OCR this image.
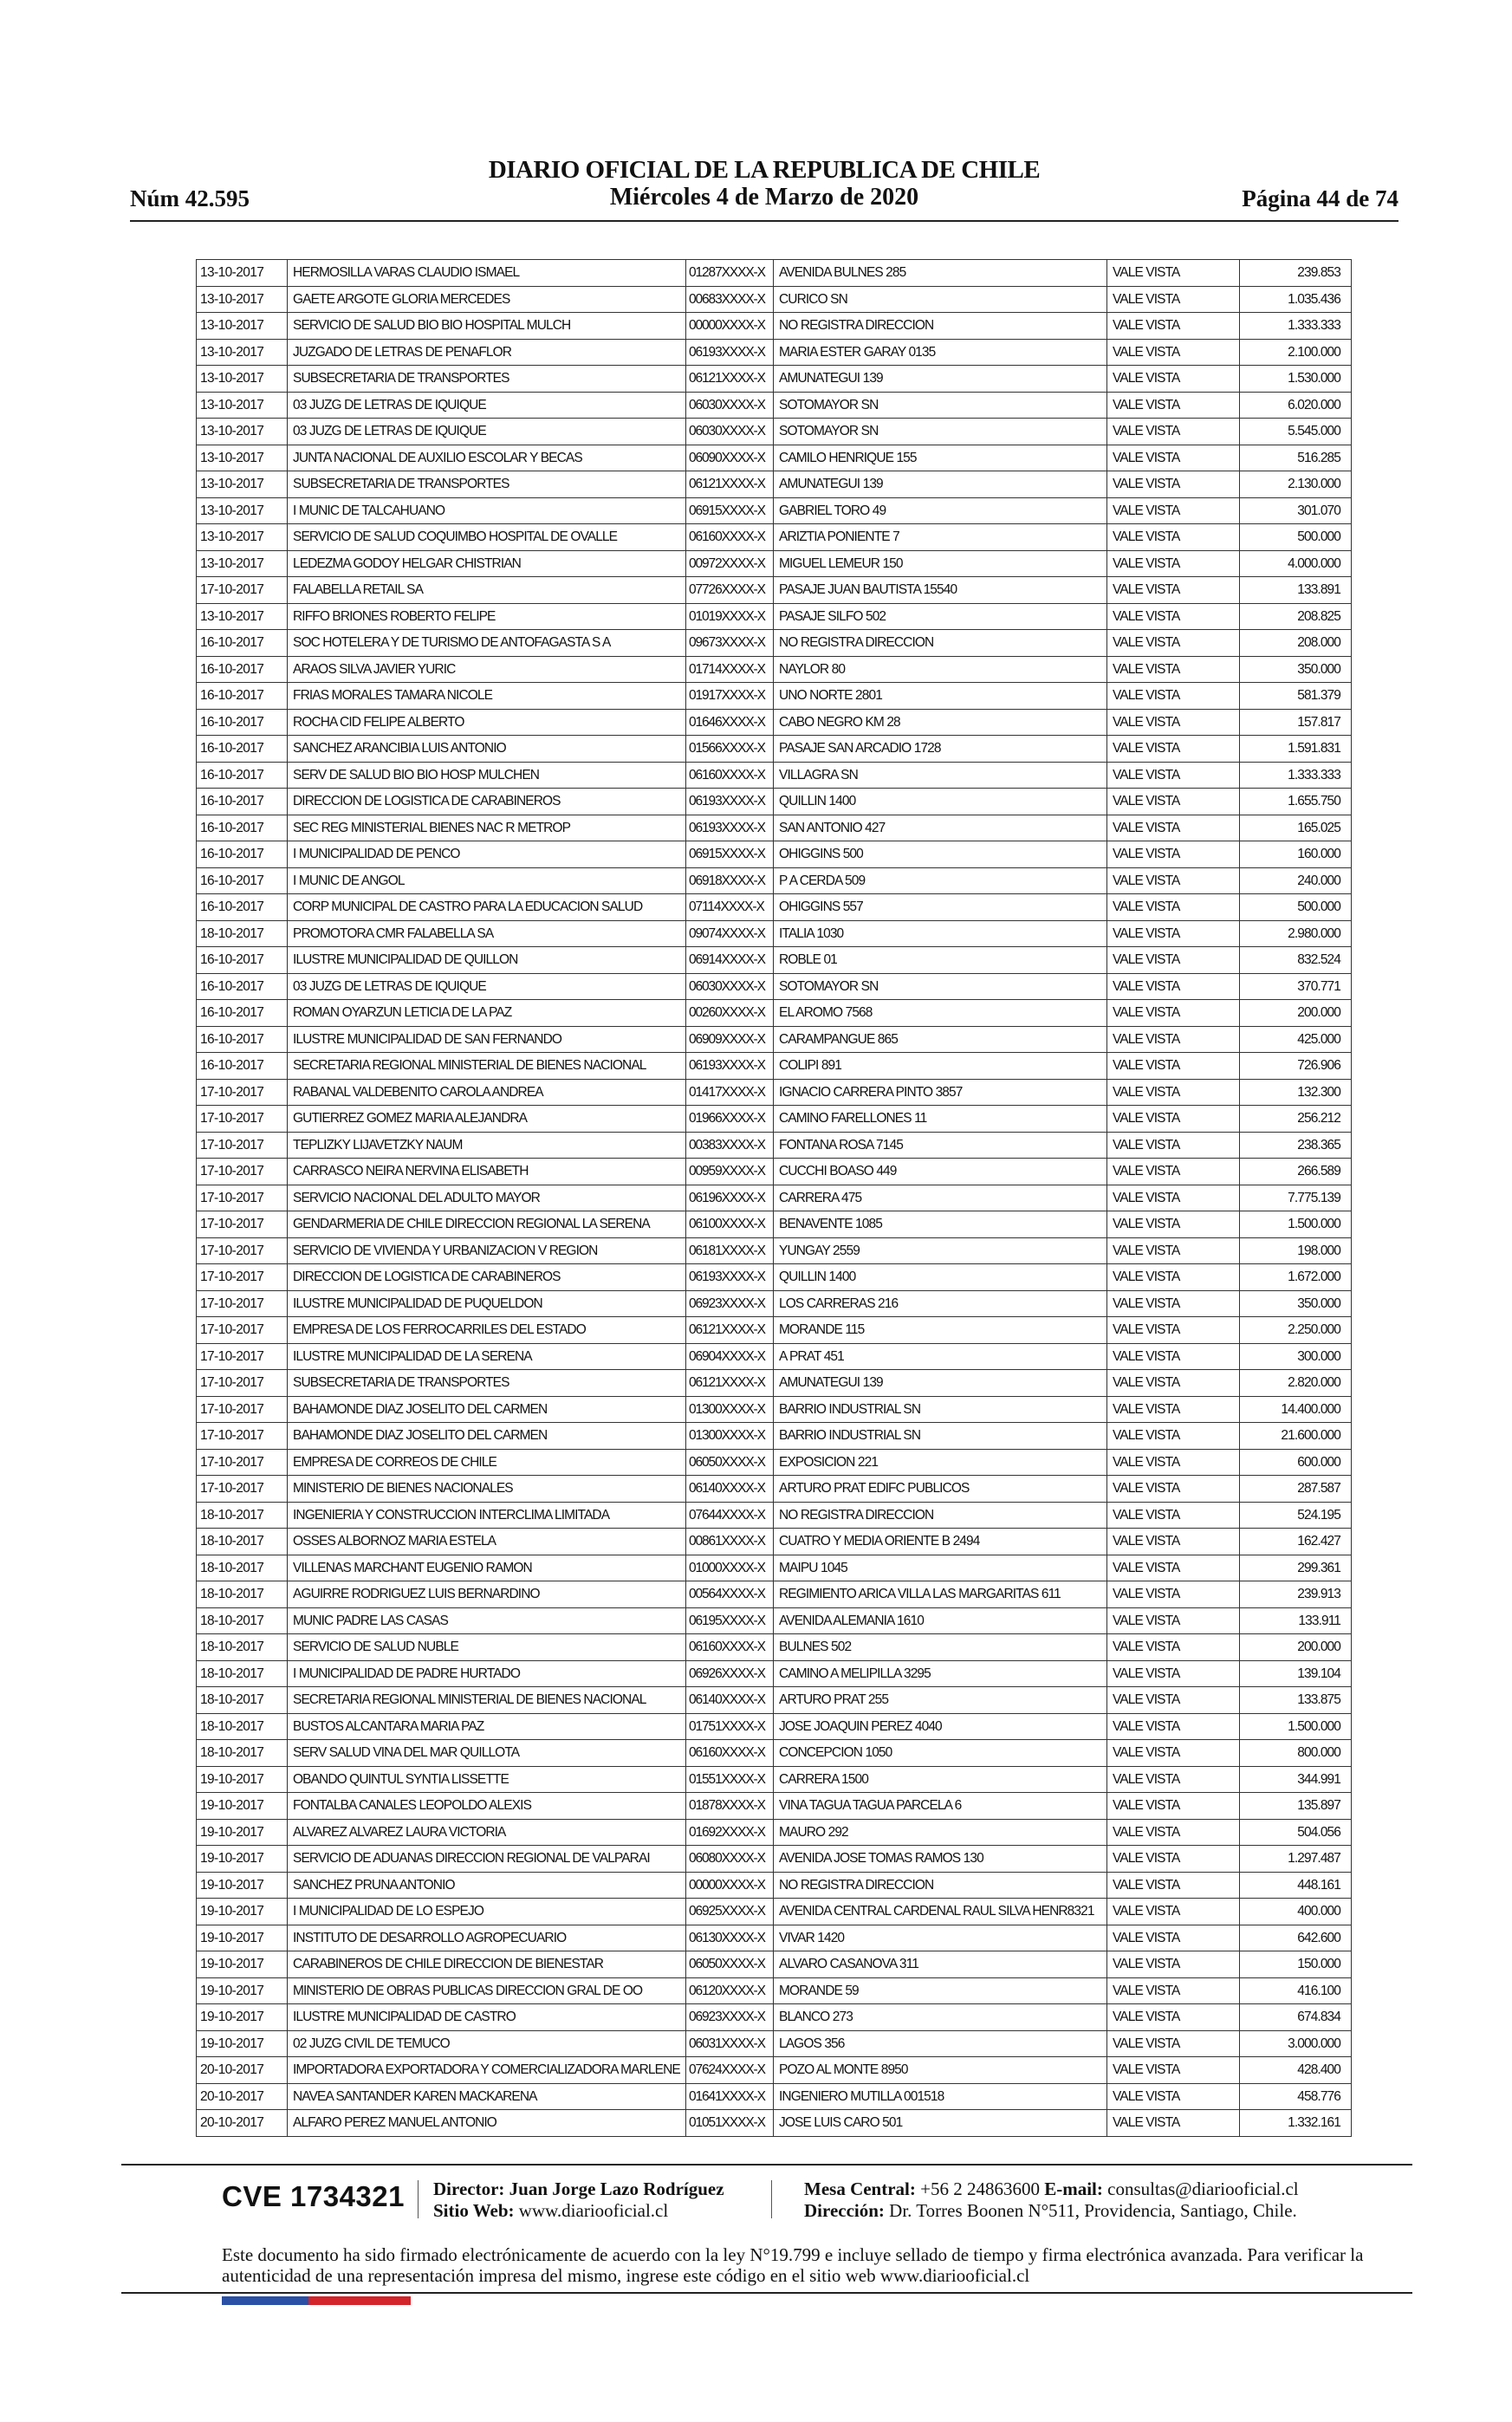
DIARIO OFICIAL DE LA REPUBLICA DE CHILE
Miércoles 4 de Marzo de 2020
Núm 42.595	Página 44 de 74
13-10-2017	HERMOSILLA VARAS CLAUDIO ISMAEL	01287XXXX-X	AVENIDA BULNES 285	VALE VISTA	239.853
13-10-2017	GAETE ARGOTE GLORIA MERCEDES	00683XXXX-X	CURICO SN	VALE VISTA	1.035.436
13-10-2017	SERVICIO DE SALUD BIO BIO HOSPITAL MULCH	00000XXXX-X	NO REGISTRA DIRECCION	VALE VISTA	1.333.333
13-10-2017	JUZGADO DE LETRAS DE PENAFLOR	06193XXXX-X	MARIA ESTER GARAY 0135	VALE VISTA	2.100.000
13-10-2017	SUBSECRETARIA DE TRANSPORTES	06121XXXX-X	AMUNATEGUI 139	VALE VISTA	1.530.000
13-10-2017	03 JUZG DE LETRAS DE IQUIQUE	06030XXXX-X	SOTOMAYOR SN	VALE VISTA	6.020.000
13-10-2017	03 JUZG DE LETRAS DE IQUIQUE	06030XXXX-X	SOTOMAYOR SN	VALE VISTA	5.545.000
13-10-2017	JUNTA NACIONAL DE AUXILIO ESCOLAR Y BECAS	06090XXXX-X	CAMILO HENRIQUE 155	VALE VISTA	516.285
13-10-2017	SUBSECRETARIA DE TRANSPORTES	06121XXXX-X	AMUNATEGUI 139	VALE VISTA	2.130.000
13-10-2017	I MUNIC DE TALCAHUANO	06915XXXX-X	GABRIEL TORO 49	VALE VISTA	301.070
13-10-2017	SERVICIO DE SALUD COQUIMBO HOSPITAL DE OVALLE	06160XXXX-X	ARIZTIA PONIENTE 7	VALE VISTA	500.000
13-10-2017	LEDEZMA GODOY HELGAR CHISTRIAN	00972XXXX-X	MIGUEL LEMEUR 150	VALE VISTA	4.000.000
17-10-2017	FALABELLA RETAIL SA	07726XXXX-X	PASAJE JUAN BAUTISTA 15540	VALE VISTA	133.891
13-10-2017	RIFFO BRIONES ROBERTO FELIPE	01019XXXX-X	PASAJE SILFO 502	VALE VISTA	208.825
16-10-2017	SOC HOTELERA Y DE TURISMO DE ANTOFAGASTA S A	09673XXXX-X	NO REGISTRA DIRECCION	VALE VISTA	208.000
16-10-2017	ARAOS SILVA JAVIER YURIC	01714XXXX-X	NAYLOR 80	VALE VISTA	350.000
16-10-2017	FRIAS MORALES TAMARA NICOLE	01917XXXX-X	UNO NORTE 2801	VALE VISTA	581.379
16-10-2017	ROCHA CID FELIPE ALBERTO	01646XXXX-X	CABO NEGRO KM 28	VALE VISTA	157.817
16-10-2017	SANCHEZ ARANCIBIA LUIS ANTONIO	01566XXXX-X	PASAJE SAN ARCADIO 1728	VALE VISTA	1.591.831
16-10-2017	SERV DE SALUD BIO BIO HOSP MULCHEN	06160XXXX-X	VILLAGRA SN	VALE VISTA	1.333.333
16-10-2017	DIRECCION DE LOGISTICA DE CARABINEROS	06193XXXX-X	QUILLIN 1400	VALE VISTA	1.655.750
16-10-2017	SEC REG MINISTERIAL BIENES NAC R METROP	06193XXXX-X	SAN ANTONIO 427	VALE VISTA	165.025
16-10-2017	I MUNICIPALIDAD DE PENCO	06915XXXX-X	OHIGGINS 500	VALE VISTA	160.000
16-10-2017	I MUNIC DE ANGOL	06918XXXX-X	P A CERDA 509	VALE VISTA	240.000
16-10-2017	CORP MUNICIPAL DE CASTRO PARA LA EDUCACION SALUD	07114XXXX-X	OHIGGINS 557	VALE VISTA	500.000
18-10-2017	PROMOTORA CMR FALABELLA SA	09074XXXX-X	ITALIA 1030	VALE VISTA	2.980.000
16-10-2017	ILUSTRE MUNICIPALIDAD DE QUILLON	06914XXXX-X	ROBLE 01	VALE VISTA	832.524
16-10-2017	03 JUZG DE LETRAS DE IQUIQUE	06030XXXX-X	SOTOMAYOR SN	VALE VISTA	370.771
16-10-2017	ROMAN OYARZUN LETICIA DE LA PAZ	00260XXXX-X	EL AROMO 7568	VALE VISTA	200.000
16-10-2017	ILUSTRE MUNICIPALIDAD DE SAN FERNANDO	06909XXXX-X	CARAMPANGUE 865	VALE VISTA	425.000
16-10-2017	SECRETARIA REGIONAL MINISTERIAL DE BIENES NACIONAL	06193XXXX-X	COLIPI 891	VALE VISTA	726.906
17-10-2017	RABANAL VALDEBENITO CAROLA ANDREA	01417XXXX-X	IGNACIO CARRERA PINTO 3857	VALE VISTA	132.300
17-10-2017	GUTIERREZ GOMEZ MARIA ALEJANDRA	01966XXXX-X	CAMINO FARELLONES 11	VALE VISTA	256.212
17-10-2017	TEPLIZKY LIJAVETZKY NAUM	00383XXXX-X	FONTANA ROSA 7145	VALE VISTA	238.365
17-10-2017	CARRASCO NEIRA NERVINA ELISABETH	00959XXXX-X	CUCCHI BOASO 449	VALE VISTA	266.589
17-10-2017	SERVICIO NACIONAL DEL ADULTO MAYOR	06196XXXX-X	CARRERA 475	VALE VISTA	7.775.139
17-10-2017	GENDARMERIA DE CHILE DIRECCION REGIONAL LA SERENA	06100XXXX-X	BENAVENTE 1085	VALE VISTA	1.500.000
17-10-2017	SERVICIO DE VIVIENDA Y URBANIZACION V REGION	06181XXXX-X	YUNGAY 2559	VALE VISTA	198.000
17-10-2017	DIRECCION DE LOGISTICA DE CARABINEROS	06193XXXX-X	QUILLIN 1400	VALE VISTA	1.672.000
17-10-2017	ILUSTRE MUNICIPALIDAD DE PUQUELDON	06923XXXX-X	LOS CARRERAS 216	VALE VISTA	350.000
17-10-2017	EMPRESA DE LOS FERROCARRILES DEL ESTADO	06121XXXX-X	MORANDE 115	VALE VISTA	2.250.000
17-10-2017	ILUSTRE MUNICIPALIDAD DE LA SERENA	06904XXXX-X	A PRAT 451	VALE VISTA	300.000
17-10-2017	SUBSECRETARIA DE TRANSPORTES	06121XXXX-X	AMUNATEGUI 139	VALE VISTA	2.820.000
17-10-2017	BAHAMONDE DIAZ JOSELITO DEL CARMEN	01300XXXX-X	BARRIO INDUSTRIAL SN	VALE VISTA	14.400.000
17-10-2017	BAHAMONDE DIAZ JOSELITO DEL CARMEN	01300XXXX-X	BARRIO INDUSTRIAL SN	VALE VISTA	21.600.000
17-10-2017	EMPRESA DE CORREOS DE CHILE	06050XXXX-X	EXPOSICION 221	VALE VISTA	600.000
17-10-2017	MINISTERIO DE BIENES NACIONALES	06140XXXX-X	ARTURO PRAT EDIFC PUBLICOS	VALE VISTA	287.587
18-10-2017	INGENIERIA Y CONSTRUCCION INTERCLIMA LIMITADA	07644XXXX-X	NO REGISTRA DIRECCION	VALE VISTA	524.195
18-10-2017	OSSES ALBORNOZ MARIA ESTELA	00861XXXX-X	CUATRO Y MEDIA ORIENTE B 2494	VALE VISTA	162.427
18-10-2017	VILLENAS MARCHANT EUGENIO RAMON	01000XXXX-X	MAIPU 1045	VALE VISTA	299.361
18-10-2017	AGUIRRE RODRIGUEZ LUIS BERNARDINO	00564XXXX-X	REGIMIENTO ARICA VILLA LAS MARGARITAS 611	VALE VISTA	239.913
18-10-2017	MUNIC PADRE LAS CASAS	06195XXXX-X	AVENIDA ALEMANIA 1610	VALE VISTA	133.911
18-10-2017	SERVICIO DE SALUD NUBLE	06160XXXX-X	BULNES 502	VALE VISTA	200.000
18-10-2017	I MUNICIPALIDAD DE PADRE HURTADO	06926XXXX-X	CAMINO A MELIPILLA 3295	VALE VISTA	139.104
18-10-2017	SECRETARIA REGIONAL MINISTERIAL DE BIENES NACIONAL	06140XXXX-X	ARTURO PRAT 255	VALE VISTA	133.875
18-10-2017	BUSTOS ALCANTARA MARIA PAZ	01751XXXX-X	JOSE JOAQUIN PEREZ 4040	VALE VISTA	1.500.000
18-10-2017	SERV SALUD VINA DEL MAR QUILLOTA	06160XXXX-X	CONCEPCION 1050	VALE VISTA	800.000
19-10-2017	OBANDO QUINTUL SYNTIA LISSETTE	01551XXXX-X	CARRERA 1500	VALE VISTA	344.991
19-10-2017	FONTALBA CANALES LEOPOLDO ALEXIS	01878XXXX-X	VINA TAGUA TAGUA PARCELA 6	VALE VISTA	135.897
19-10-2017	ALVAREZ ALVAREZ LAURA VICTORIA	01692XXXX-X	MAURO 292	VALE VISTA	504.056
19-10-2017	SERVICIO DE ADUANAS DIRECCION REGIONAL DE VALPARAI	06080XXXX-X	AVENIDA JOSE TOMAS RAMOS 130	VALE VISTA	1.297.487
19-10-2017	SANCHEZ PRUNA ANTONIO	00000XXXX-X	NO REGISTRA DIRECCION	VALE VISTA	448.161
19-10-2017	I MUNICIPALIDAD DE LO ESPEJO	06925XXXX-X	AVENIDA CENTRAL CARDENAL RAUL SILVA HENR8321	VALE VISTA	400.000
19-10-2017	INSTITUTO DE DESARROLLO AGROPECUARIO	06130XXXX-X	VIVAR 1420	VALE VISTA	642.600
19-10-2017	CARABINEROS DE CHILE DIRECCION DE BIENESTAR	06050XXXX-X	ALVARO CASANOVA 311	VALE VISTA	150.000
19-10-2017	MINISTERIO DE OBRAS PUBLICAS DIRECCION GRAL DE OO	06120XXXX-X	MORANDE 59	VALE VISTA	416.100
19-10-2017	ILUSTRE MUNICIPALIDAD DE CASTRO	06923XXXX-X	BLANCO 273	VALE VISTA	674.834
19-10-2017	02 JUZG CIVIL DE TEMUCO	06031XXXX-X	LAGOS 356	VALE VISTA	3.000.000
20-10-2017	IMPORTADORA EXPORTADORA Y COMERCIALIZADORA MARLENE	07624XXXX-X	POZO AL MONTE 8950	VALE VISTA	428.400
20-10-2017	NAVEA SANTANDER KAREN MACKARENA	01641XXXX-X	INGENIERO MUTILLA 001518	VALE VISTA	458.776
20-10-2017	ALFARO PEREZ MANUEL ANTONIO	01051XXXX-X	JOSE LUIS CARO 501	VALE VISTA	1.332.161
CVE 1734321 Director: Juan Jorge Lazo Rodríguez
Sitio Web: www.diariooficial.cl
Mesa Central: +56 2 24863600 E-mail: consultas@diariooficial.cl
Dirección: Dr. Torres Boonen N°511, Providencia, Santiago, Chile.
Este documento ha sido firmado electrónicamente de acuerdo con la ley N°19.799 e incluye sellado de tiempo y firma electrónica avanzada. Para verificar la autenticidad de una representación impresa del mismo, ingrese este código en el sitio web www.diariooficial.cl
